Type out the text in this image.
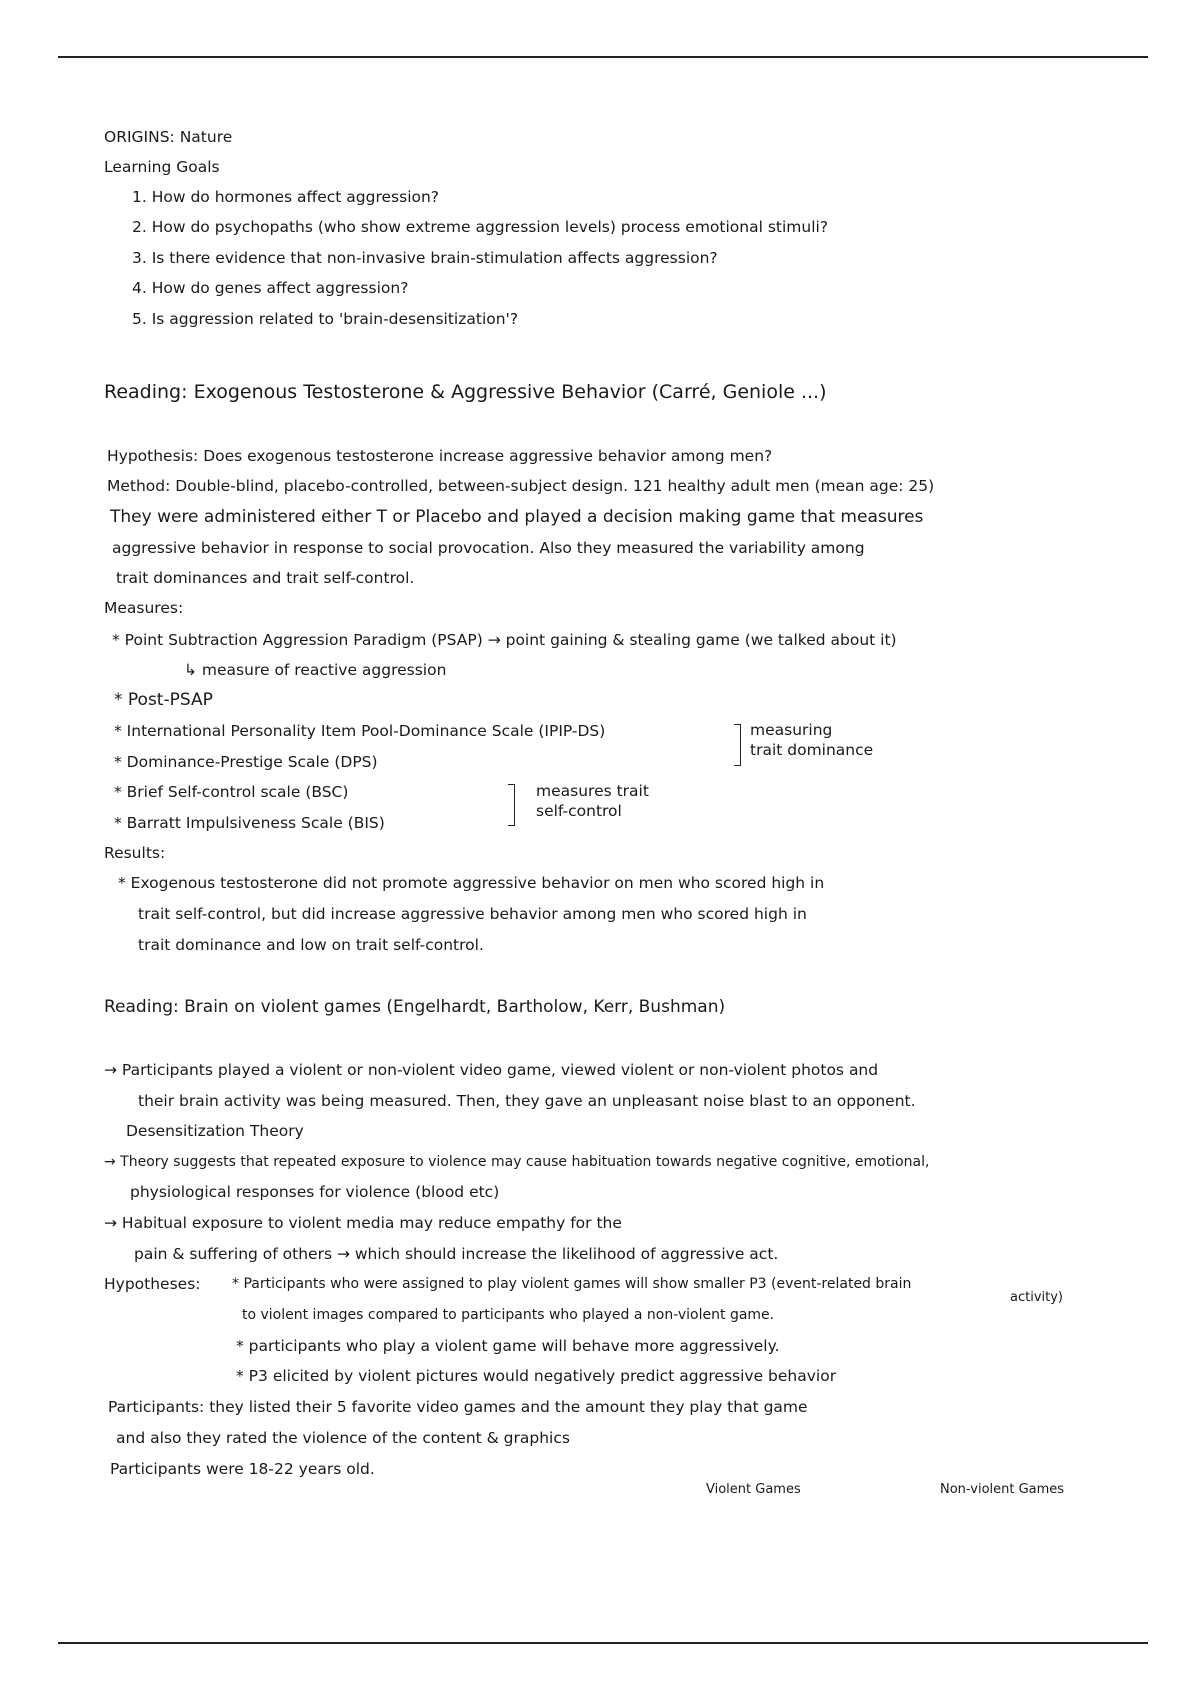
ORIGINS: Nature
Learning Goals
1. How do hormones affect aggression?
2. How do psychopaths (who show extreme aggression levels) process emotional stimuli?
3. Is there evidence that non-invasive brain-stimulation affects aggression?
4. How do genes affect aggression?
5. Is aggression related to 'brain-desensitization'?
Reading: Exogenous Testosterone & Aggressive Behavior (Carré, Geniole ...)
Hypothesis: Does exogenous testosterone increase aggressive behavior among men?
Method: Double-blind, placebo-controlled, between-subject design. 121 healthy adult men (mean age: 25)
They were administered either T or Placebo and played a decision making game that measures
aggressive behavior in response to social provocation. Also they measured the variability among
trait dominances and trait self-control.
Measures:
* Point Subtraction Aggression Paradigm (PSAP) → point gaining & stealing game (we talked about it)
↳ measure of reactive aggression
* Post-PSAP
* International Personality Item Pool-Dominance Scale (IPIP-DS)
* Dominance-Prestige Scale (DPS)
* Brief Self-control scale (BSC)
* Barratt Impulsiveness Scale (BIS)
measuring
trait dominance
measures trait
self-control
Results:
* Exogenous testosterone did not promote aggressive behavior on men who scored high in
trait self-control, but did increase aggressive behavior among men who scored high in
trait dominance and low on trait self-control.
Reading: Brain on violent games (Engelhardt, Bartholow, Kerr, Bushman)
→ Participants played a violent or non-violent video game, viewed violent or non-violent photos and
their brain activity was being measured. Then, they gave an unpleasant noise blast to an opponent.
Desensitization Theory
→ Theory suggests that repeated exposure to violence may cause habituation towards negative cognitive, emotional,
physiological responses for violence (blood etc)
→ Habitual exposure to violent media may reduce empathy for the
pain & suffering of others → which should increase the likelihood of aggressive act.
Hypotheses: * Participants who were assigned to play violent games will show smaller P3 (event-related brain
activity)
to violent images compared to participants who played a non-violent game.
* participants who play a violent game will behave more aggressively.
* P3 elicited by violent pictures would negatively predict aggressive behavior
Participants: they listed their 5 favorite video games and the amount they play that game
and also they rated the violence of the content & graphics
Participants were 18-22 years old.
Violent Games	Non-violent Games
